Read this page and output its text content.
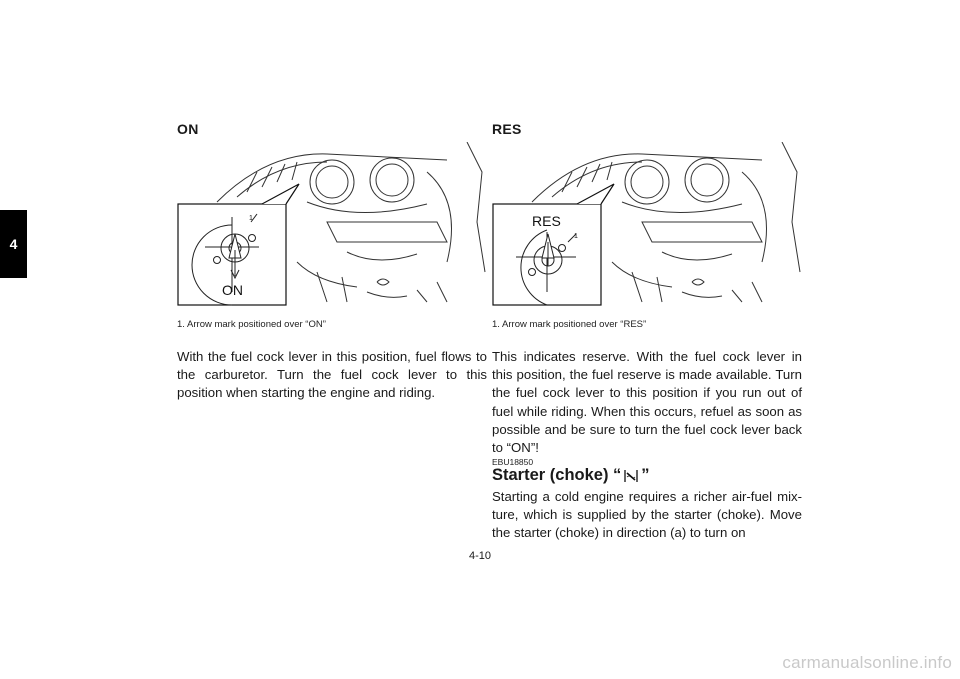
4
ON
1
ON
1. Arrow mark positioned over “ON”

With the fuel cock lever in this position, fuel flows to the carburetor. Turn the fuel cock lever to this position when starting the engine and riding.

RES
1
RES
1. Arrow mark positioned over “RES”

This indicates reserve. With the fuel cock lever in this position, the fuel reserve is made available. Turn the fuel cock lever to this position if you run out of fuel while riding. When this occurs, refuel as soon as possible and be sure to turn the fuel cock lever back to “ON”!

EBU18850
Starter (choke) “ ”

Starting a cold engine requires a richer air-fuel mix-ture, which is supplied by the starter (choke). Move the starter (choke) in direction (a) to turn on

4-10
carmanualsonline.info
